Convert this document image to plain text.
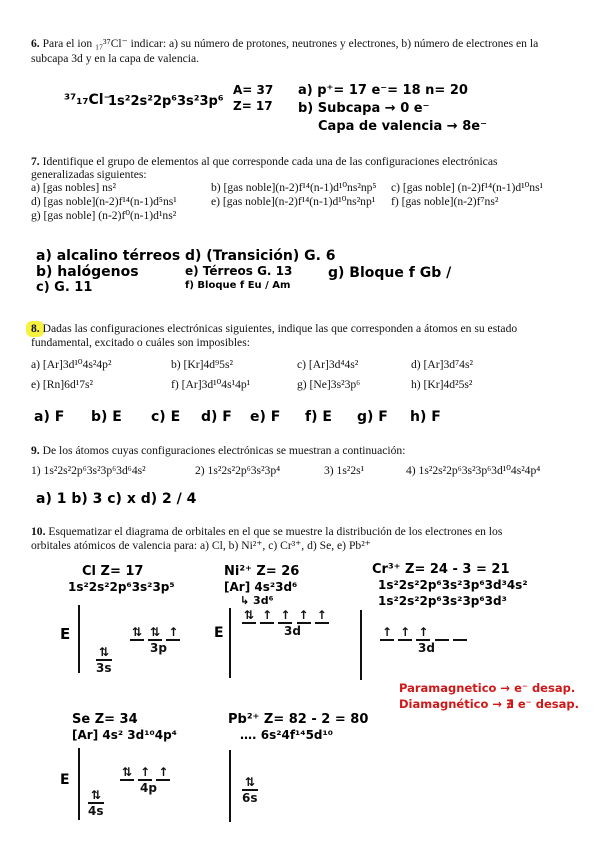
6. Para el ion ₁₇³⁷Cl⁻ indicar: a) su número de protones, neutrones y electrones, b) número de electrones en la
subcapa 3d y en la capa de valencia.
³⁷₁₇Cl⁻
1s²2s²2p⁶3s²3p⁶
A= 37
Z= 17
a) p⁺= 17 e⁻= 18 n= 20
b) Subcapa → 0 e⁻
Capa de valencia → 8e⁻
7. Identifique el grupo de elementos al que corresponde cada una de las configuraciones electrónicas
generalizadas siguientes:
a) [gas nobles] ns²	b) [gas noble](n-2)f¹⁴(n-1)d¹⁰ns²np⁵ c) [gas noble] (n-2)f¹⁴(n-1)d¹⁰ns¹
d) [gas noble](n-2)f¹⁴(n-1)d⁵ns¹	e) [gas noble](n-2)f¹⁴(n-1)d¹⁰ns²np¹ f) [gas noble](n-2)f⁷ns²
g) [gas noble] (n-2)f⁰(n-1)d¹ns²
a) alcalino térreos
b) halógenos
c) G. 11
d) (Transición) G. 6
e) Térreos G. 13
f) Bloque f Eu / Am
g) Bloque f Gb /
8. Dadas las configuraciones electrónicas siguientes, indique las que corresponden a átomos en su estado
fundamental, excitado o cuáles son imposibles:
a) [Ar]3d¹⁰4s²4p²	b) [Kr]4d⁹5s²	c) [Ar]3d⁴4s²	d) [Ar]3d⁷4s²
e) [Rn]6d¹7s²	f) [Ar]3d¹⁰4s¹4p¹	g) [Ne]3s²3p⁶	h) [Kr]4d²5s²
a) F b) E c) E d) F e) F f) E g) F h) F
9. De los átomos cuyas configuraciones electrónicas se muestran a continuación:
1) 1s²2s²2p⁶3s²3p⁶3d⁶4s²	2) 1s²2s²2p⁶3s²3p⁴	3) 1s²2s¹	4) 1s²2s²2p⁶3s²3p⁶3d¹⁰4s²4p⁴
a) 1 b) 3 c) x d) 2 / 4
10. Esquematizar el diagrama de orbitales en el que se muestre la distribución de los electrones en los
orbitales atómicos de valencia para: a) Cl, b) Ni²⁺, c) Cr³⁺, d) Se, e) Pb²⁺
Cl Z= 17
1s²2s²2p⁶3s²3p⁵
E
⇅
3s
⇅ ⇅ ↑
3p
Ni²⁺ Z= 26
[Ar] 4s²3d⁶
↳ 3d⁶
E
⇅ ↑ ↑ ↑ ↑
3d
Cr³⁺ Z= 24 - 3 = 21
1s²2s²2p⁶3s²3p⁶3d³4s²
1s²2s²2p⁶3s²3p⁶3d³
↑ ↑ ↑
3d
Paramagnetico → e⁻ desap.
Diamagnético → ∄ e⁻ desap.
Se Z= 34
[Ar] 4s² 3d¹⁰4p⁴
E
⇅
4s
⇅ ↑ ↑
4p
Pb²⁺ Z= 82 - 2 = 80
…. 6s²4f¹⁴5d¹⁰
⇅
6s
